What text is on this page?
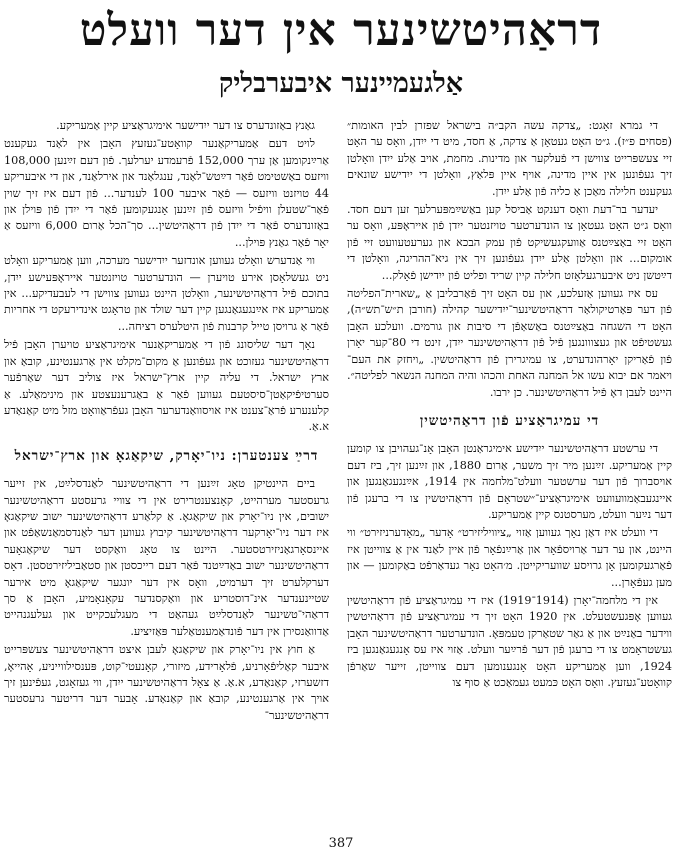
דראַהיטשינער אין דער וועלט
אַלגעמיינער איבערבליק

די גמרא זאָגט: „צדקה עשה הקב״ה בישראל שפזרן לבין האומות״ (פסחים פ״ז). ג״ט האָט געטאָן אַ צדקה, אַ חסד, מיט די ייִדן, וואָס ער האָט זיי צעשפּרייט צווישן די פֿעלקער און מדינות. מחמת, אויב אַלע ייִדן וואָלטן זיך געפֿונען אין איין מדינה, אויף איין פּלאַץ, וואָלטן די ייִדישע שונאים געקענט חלילה מאַכן אַ כליה פֿון אַלע ייִדן.

יעדער בר־דעת וואָס דענקט אַביסל קען באַשײַמפּערלעך זען דעם חסד. וואָס ג״ט האָט געטאָן צו הונדערטער טויזנטער ייִדן פֿון אייראָפּע, וואָס ער האָט זיי באַצײַטנס אַוועקגעשיקט פֿון עמק הבכא און גערעטעוועט זיי פֿון אומקום... און וואָלטן אַלע ייִדן געפֿונען זיך אין גיא־ההריגה, וואָלטן די דײַטשן ניט איבערגעלאָזט חלילה קיין שריד ופליט פֿון ייִדישן פֿאָלק...

עס איז געווען אַזעלכע, און עס האָט זיך פֿאַרבליבן אַ „שארית־הפליטה פֿון דער פּאַרטיקולאַר דראַהיטשינער־ייִדישער קהילה (חורבן ת״ש־תש״ה), האָט די השגחה באַצײַטנס באַשאַפֿן די סיבות און גורמים. וועלכע האָבן געשטיפֿט און געצווונגען פֿיל פֿון דראַהיטשינער ייִדן, זינט די 80־קער יאָרן פֿון פֿאַריקן יאָרהונדערט, צו עמיגרירן פֿון דראַהיטשין. „ויחזק את העם־ ויאמר אם יבוא עשו אל המחנה האחת והכהו והיה המחנה הנשאר לפליטה״. היינט לעבן דאָ פֿיל דראַהיטשינער. כן ירבו.

די עמיגראַציע פֿון דראַהיטשין

די ערשטע דראַהיטשינער ייִדישע אימיגראַנטן האָבן אָנ־געהויבן צו קומען קיין אַמעריקע. זײַנען מיר זיך משער, אַרום 1880, און זײַנען זיך, ביז דעם אויסברוך פֿון דער ערשטער וועלט־מלחמה אין 1914, אײַנגעגאַנגען און איינגעבאַמוועוועט אימיגראַציע־״שטראָם פֿון דראַהיטשין צו די ברעגן פֿון דער נײַער וועלט, מערסטנס קיין אַמעריקע.

די וועלט איז דאַן נאָך געווען אַזוי „ציוויליזירט״ אָדער „מאָדערניזירט״ ווי היינט, און ער דער אַרויספֿאָר און אַרײַנפֿאָר פֿון איין לאַנד אין אַ צווייטן איז פֿאַרגעקומען אָן גרויסע שוועריקייטן. מ׳האָט נאָר געדאַרפֿט באַקומען — און מען געפֿאָרן...

אין די מלחמה־יאָרן (1914־1919) איז די עמיגראַציע פֿון דראַהיטשין געווען אָפּגעשטעלט. אין 1920 האָט זיך די עמיגראַציע פֿון דראַהיטשין ווידער באַנײַט און אַ גאַר שטאַרקן טעמפּאָ. הונדערטער דראַהיטשינער האָבן געשטראָמט צו די ברעגן פֿון דער פֿרײַער וועלט. אַזוי איז עס אָנגעגאַנגען ביז 1924, ווען אַמעריקע האָט אָנגענומען דעם צווייטן, זייער שאַרפֿן קוואָטע־געזעץ. וואָס האָט כּמעט געמאַכט אַ סוף צו

גאַנץ באַזונדערס צו דער ייִדישער אימיגראַציע קיין אַמעריקע.

לויט דעם אַמעריקאַנער קוואָטע־געזעץ האָבן אין לאַנד געקענט אַרײַנקומען אַן ערך 152,000 פֿרעמדע יערלעך. פֿון דעם זײַנען 108,000 וויזעס באַשטימט פֿאַר דײַטש־לאַנד, ענגלאַנד און אירלאַנד, און די איבעריקע 44 טויזנט וויזעס — פֿאַר איבער 100 לענדער... פֿון דעם איז זיך שוין פֿאַר־שטעלן וויפֿיל וויזעס פֿון זײַנען אָנגעקומען פֿאַר די ייִדן פֿון פּוילן און באַזונדערס פֿאַר די ייִדן פֿון דראַהיטשין... סך־הכל אַרום 6,000 וויזעס אַ יאָר פֿאַר גאַנץ פּוילן...

ווי אַנדערש וואָלט געווען אונדזער ייִדישער מערכה, ווען אַמעריקע וואָלט ניט געשלאָסן אירע טויערן — הונדערטער טויזנטער אייראָפּעישע ייִדן, בתוכם פֿיל דראַהיטשינער, וואָלטן היינט געווען צווישן די לעבעדיקע... אין אַמעריקע איז אײַנגעגאַנגען קיין דער שולד און טראָגט אינדירעקט די אחריות פֿאַר אַ גרויסן טייל קרבנות פֿון היטלערס רציחה...

נאָך דער שליסונג פֿון די אַמעריקאַנער אימיגראַציע טויערן האָבן פֿיל דראַהיטשינער געזוכט און געפֿונען אַ מקום־מקלט אין אַרגענטינע, קובאַ און ארץ ישראל. די עליה קיין ארץ־ישראל איז צוליב דער שאַרפֿער סערטיפֿיקאַטן־סיסטעם געווען פֿאַר אַ באַגרענעצטע און מינימאַלע. אַ קלענערע פֿראַ־צענט איז אויסוואַנדערער האָבן געפֿראַוואָט מזל מיט קאַנאַדע א.אַ.

דרײַ צענטערן: ניו־יאָרק, שיקאַגאָ און ארץ־ישראל

ביים היינטיקן טאָג זײַנען די דראַהיטשינער לאַנדסלײַט, אין זייער גרעסטער מערהייט, קאָנצענטרירט אין די צוויי גרעסטע דראַהיטשינער ישובים, אין ניו־יאָרק און שיקאַגאָ. אַ קלאַרע דראַהיטשינער ישוב שיקאַגאָ איז דער ניו־יאָרקער דראַהיטשינער קיבוץ געווען דער לאַנדסמאַנשאַפֿט און איינסאָרגאַניזירטסטער. היינט צו טאָג וואַקסט דער שיקאַגאָער דראַהיטשינער ישוב באַדײַטנד פֿאַר דעם רייכסטן און סטאַביליזירטסטן. דאָס דערקלערט זיך דערמיט, וואָס אין דער יונגער שיקאַגאָ מיט אירער שטיינענדער אינ־דוסטריע און וואַקסנדער עקאָנאָמיע, האָבן אַ סך דראַהי־טשינער לאַנדסלײַט געהאַט די מעגלעכקייט און געלעגנהייט אַדוואַנסירן אין דער פֿונדאַמענטאַלער פּאַזיציע.

אַ חוץ אין ניו־יאָרק און שיקאַגאָ לעבן איצט דראַהיטשינער צעשפּרייט איבער קאַליפֿאָרניע, פֿלאָרידע, מיזורי, קאָנעטי־קוט, פּענסילווייניע, אָהייאָ, דזשערזי, קאַנאַדע, א.אַ. אַ צאָל דראַהיטשינער ייִדן, ווי געזאָגט, געפֿינען זיך אויך אין אַרגענטינע, קובאַ און קאַנאַדע. אָבער דער דריטער גרעסטער דראַהיטשינער־

387
